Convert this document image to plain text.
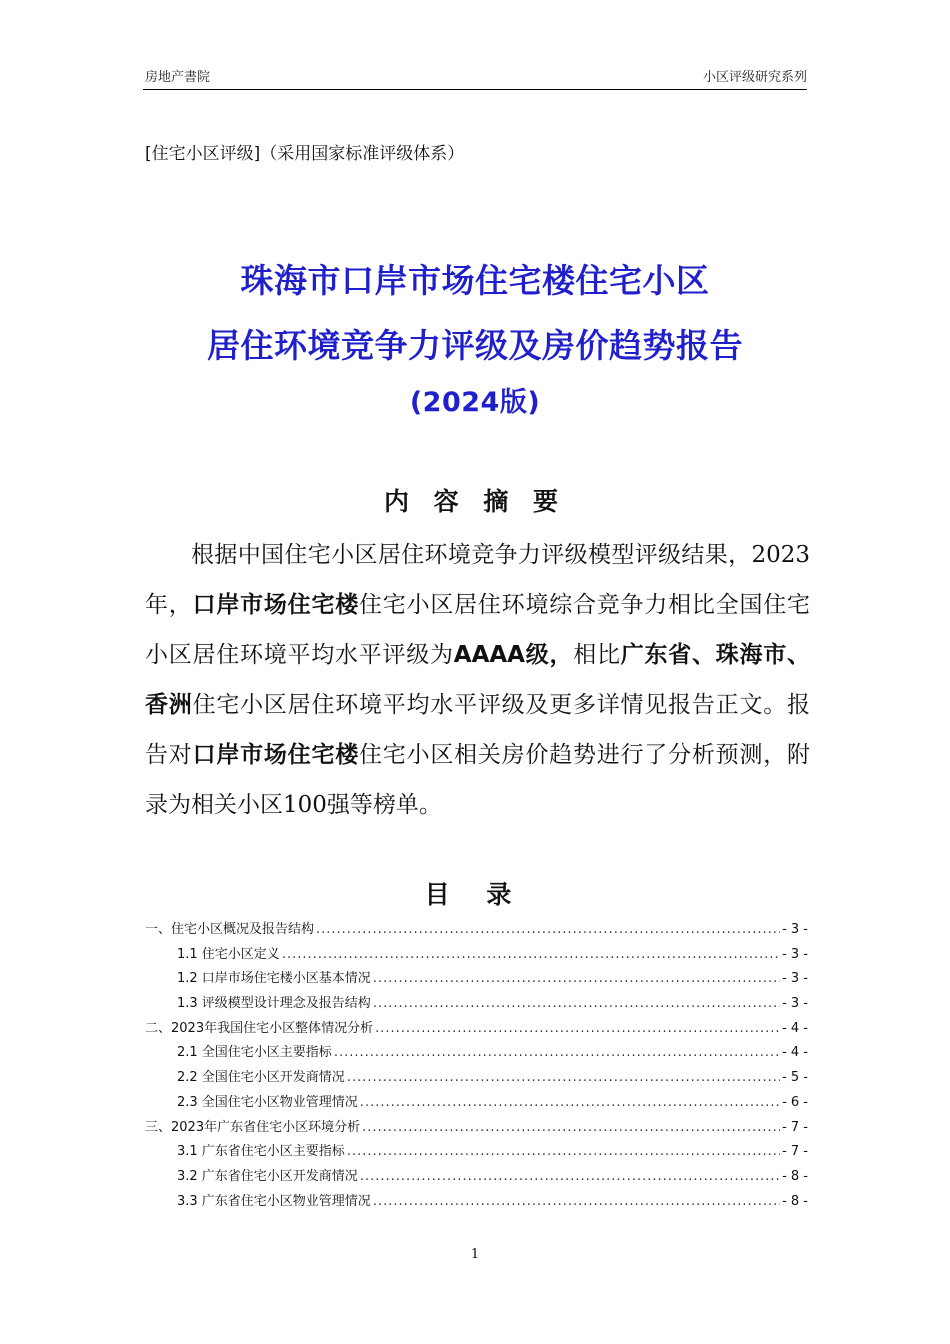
房地产書院	小区评级研究系列
[住宅小区评级]（采用国家标准评级体系）
珠海市口岸市场住宅楼住宅小区
居住环境竞争力评级及房价趋势报告
(2024版)
内 容 摘 要
根据中国住宅小区居住环境竞争力评级模型评级结果，2023年，口岸市场住宅楼住宅小区居住环境综合竞争力相比全国住宅小区居住环境平均水平评级为AAAA级，相比广东省、珠海市、香洲住宅小区居住环境平均水平评级及更多详情见报告正文。报告对口岸市场住宅楼住宅小区相关房价趋势进行了分析预测，附录为相关小区100强等榜单。
目 录
一、住宅小区概况及报告结构 .....	- 3 -
1.1 住宅小区定义 .....	- 3 -
1.2 口岸市场住宅楼小区基本情况 .....	- 3 -
1.3 评级模型设计理念及报告结构 .....	- 3 -
二、2023年我国住宅小区整体情况分析 .....	- 4 -
2.1 全国住宅小区主要指标 .....	- 4 -
2.2 全国住宅小区开发商情况 .....	- 5 -
2.3 全国住宅小区物业管理情况 .....	- 6 -
三、2023年广东省住宅小区环境分析 .....	- 7 -
3.1 广东省住宅小区主要指标 .....	- 7 -
3.2 广东省住宅小区开发商情况 .....	- 8 -
3.3 广东省住宅小区物业管理情况 .....	- 8 -
1
